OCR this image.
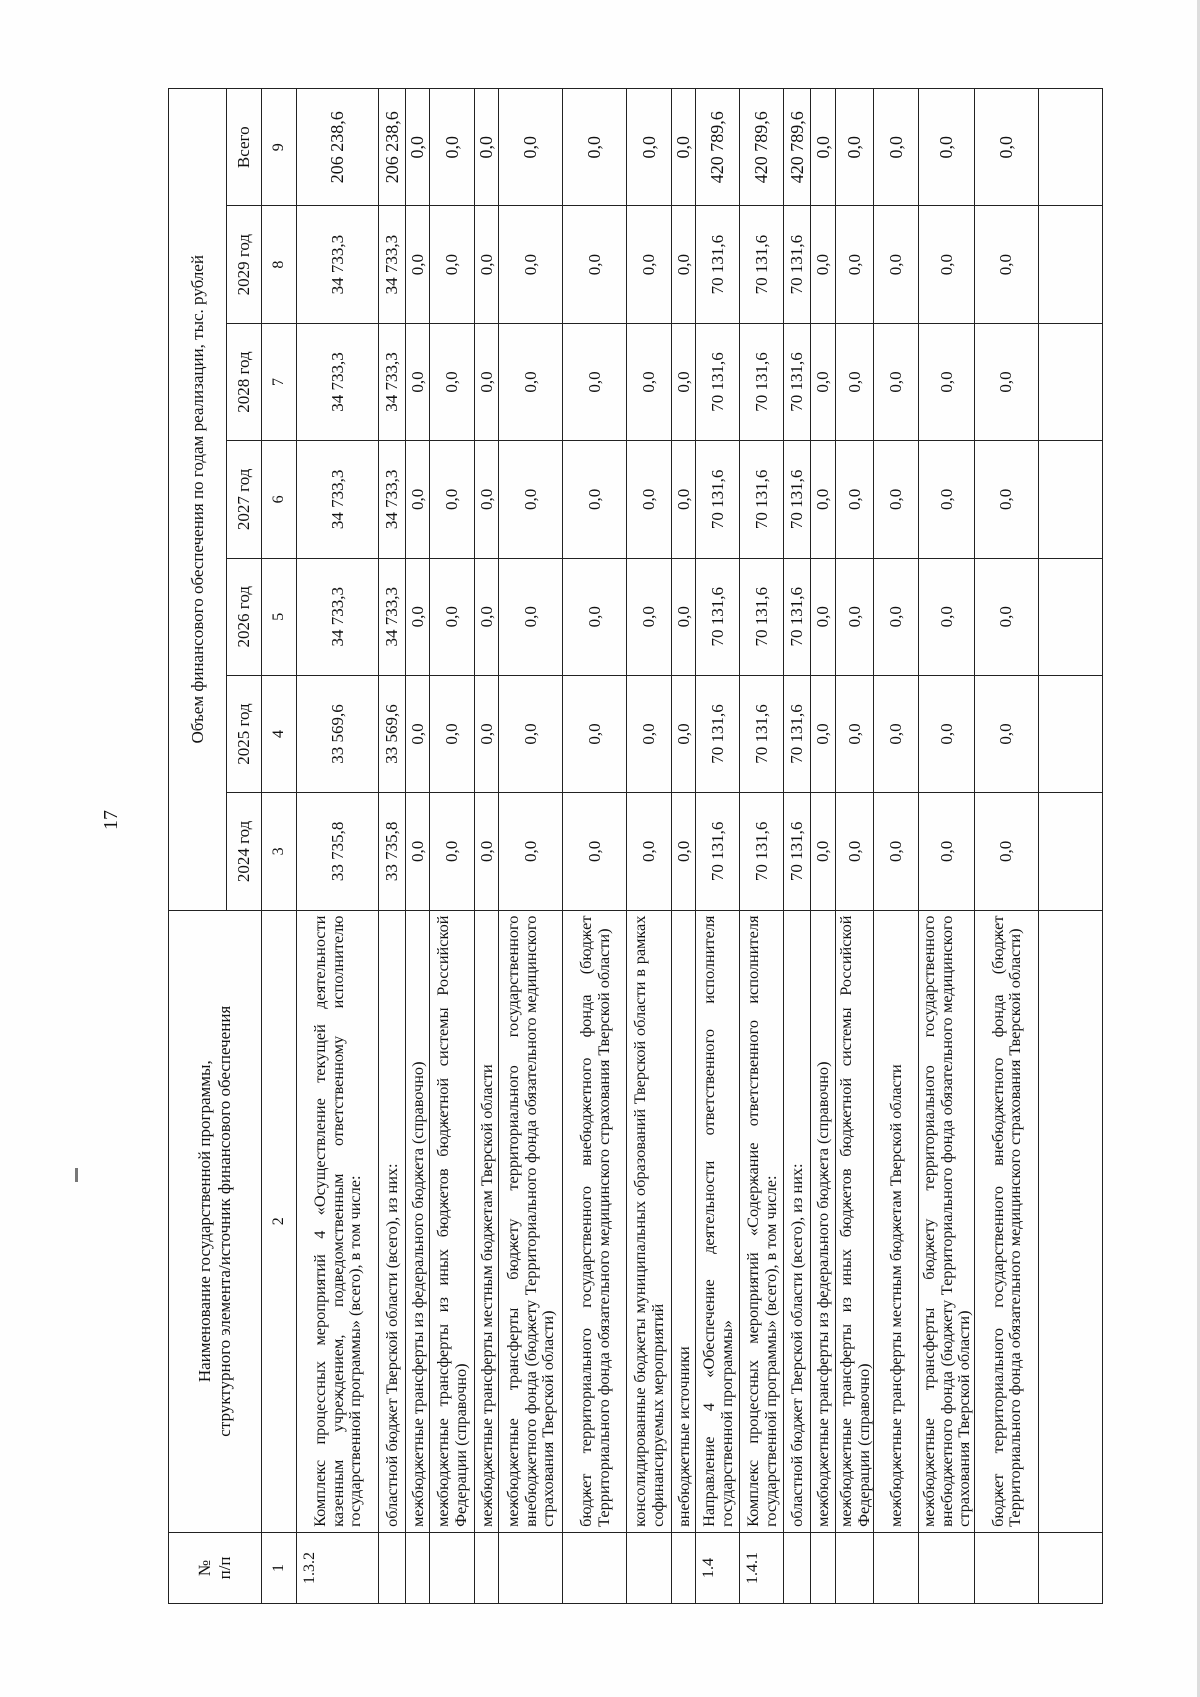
17
№
п/п	Наименование государственной программы,
структурного элемента/источник финансового обеспечения	Объем финансового обеспечения по годам реализации, тыс. рублей						
		2024 год	2025 год	2026 год	2027 год	2028 год	2029 год	Всего
1	2	3	4	5	6	7	8	9
1.3.2	Комплекс процессных мероприятий 4 «Осуществление текущей деятельности казенным учреждением, подведомственным ответственному исполнителю государственной программы» (всего), в том числе:	33 735,8	33 569,6	34 733,3	34 733,3	34 733,3	34 733,3	206 238,6
	областной бюджет Тверской области (всего), из них:	33 735,8	33 569,6	34 733,3	34 733,3	34 733,3	34 733,3	206 238,6
	межбюджетные трансферты из федерального бюджета (справочно)	0,0	0,0	0,0	0,0	0,0	0,0	0,0
	межбюджетные трансферты из иных бюджетов бюджетной системы Российской Федерации (справочно)	0,0	0,0	0,0	0,0	0,0	0,0	0,0
	межбюджетные трансферты местным бюджетам Тверской области	0,0	0,0	0,0	0,0	0,0	0,0	0,0
	межбюджетные трансферты бюджету территориального государственного внебюджетного фонда (бюджету Территориального фонда обязательного медицинского страхования Тверской области)	0,0	0,0	0,0	0,0	0,0	0,0	0,0
	бюджет территориального государственного внебюджетного фонда (бюджет Территориального фонда обязательного медицинского страхования Тверской области)	0,0	0,0	0,0	0,0	0,0	0,0	0,0
	консолидированные бюджеты муниципальных образований Тверской области в рамках софинансируемых мероприятий	0,0	0,0	0,0	0,0	0,0	0,0	0,0
	внебюджетные источники	0,0	0,0	0,0	0,0	0,0	0,0	0,0
1.4	Направление 4 «Обеспечение деятельности ответственного исполнителя государственной программы»	70 131,6	70 131,6	70 131,6	70 131,6	70 131,6	70 131,6	420 789,6
1.4.1	Комплекс процессных мероприятий «Содержание ответственного исполнителя государственной программы» (всего), в том числе:	70 131,6	70 131,6	70 131,6	70 131,6	70 131,6	70 131,6	420 789,6
	областной бюджет Тверской области (всего), из них:	70 131,6	70 131,6	70 131,6	70 131,6	70 131,6	70 131,6	420 789,6
	межбюджетные трансферты из федерального бюджета (справочно)	0,0	0,0	0,0	0,0	0,0	0,0	0,0
	межбюджетные трансферты из иных бюджетов бюджетной системы Российской Федерации (справочно)	0,0	0,0	0,0	0,0	0,0	0,0	0,0
	межбюджетные трансферты местным бюджетам Тверской области	0,0	0,0	0,0	0,0	0,0	0,0	0,0
	межбюджетные трансферты бюджету территориального государственного внебюджетного фонда (бюджету Территориального фонда обязательного медицинского страхования Тверской области)	0,0	0,0	0,0	0,0	0,0	0,0	0,0
	бюджет территориального государственного внебюджетного фонда (бюджет Территориального фонда обязательного медицинского страхования Тверской области)	0,0	0,0	0,0	0,0	0,0	0,0	0,0
